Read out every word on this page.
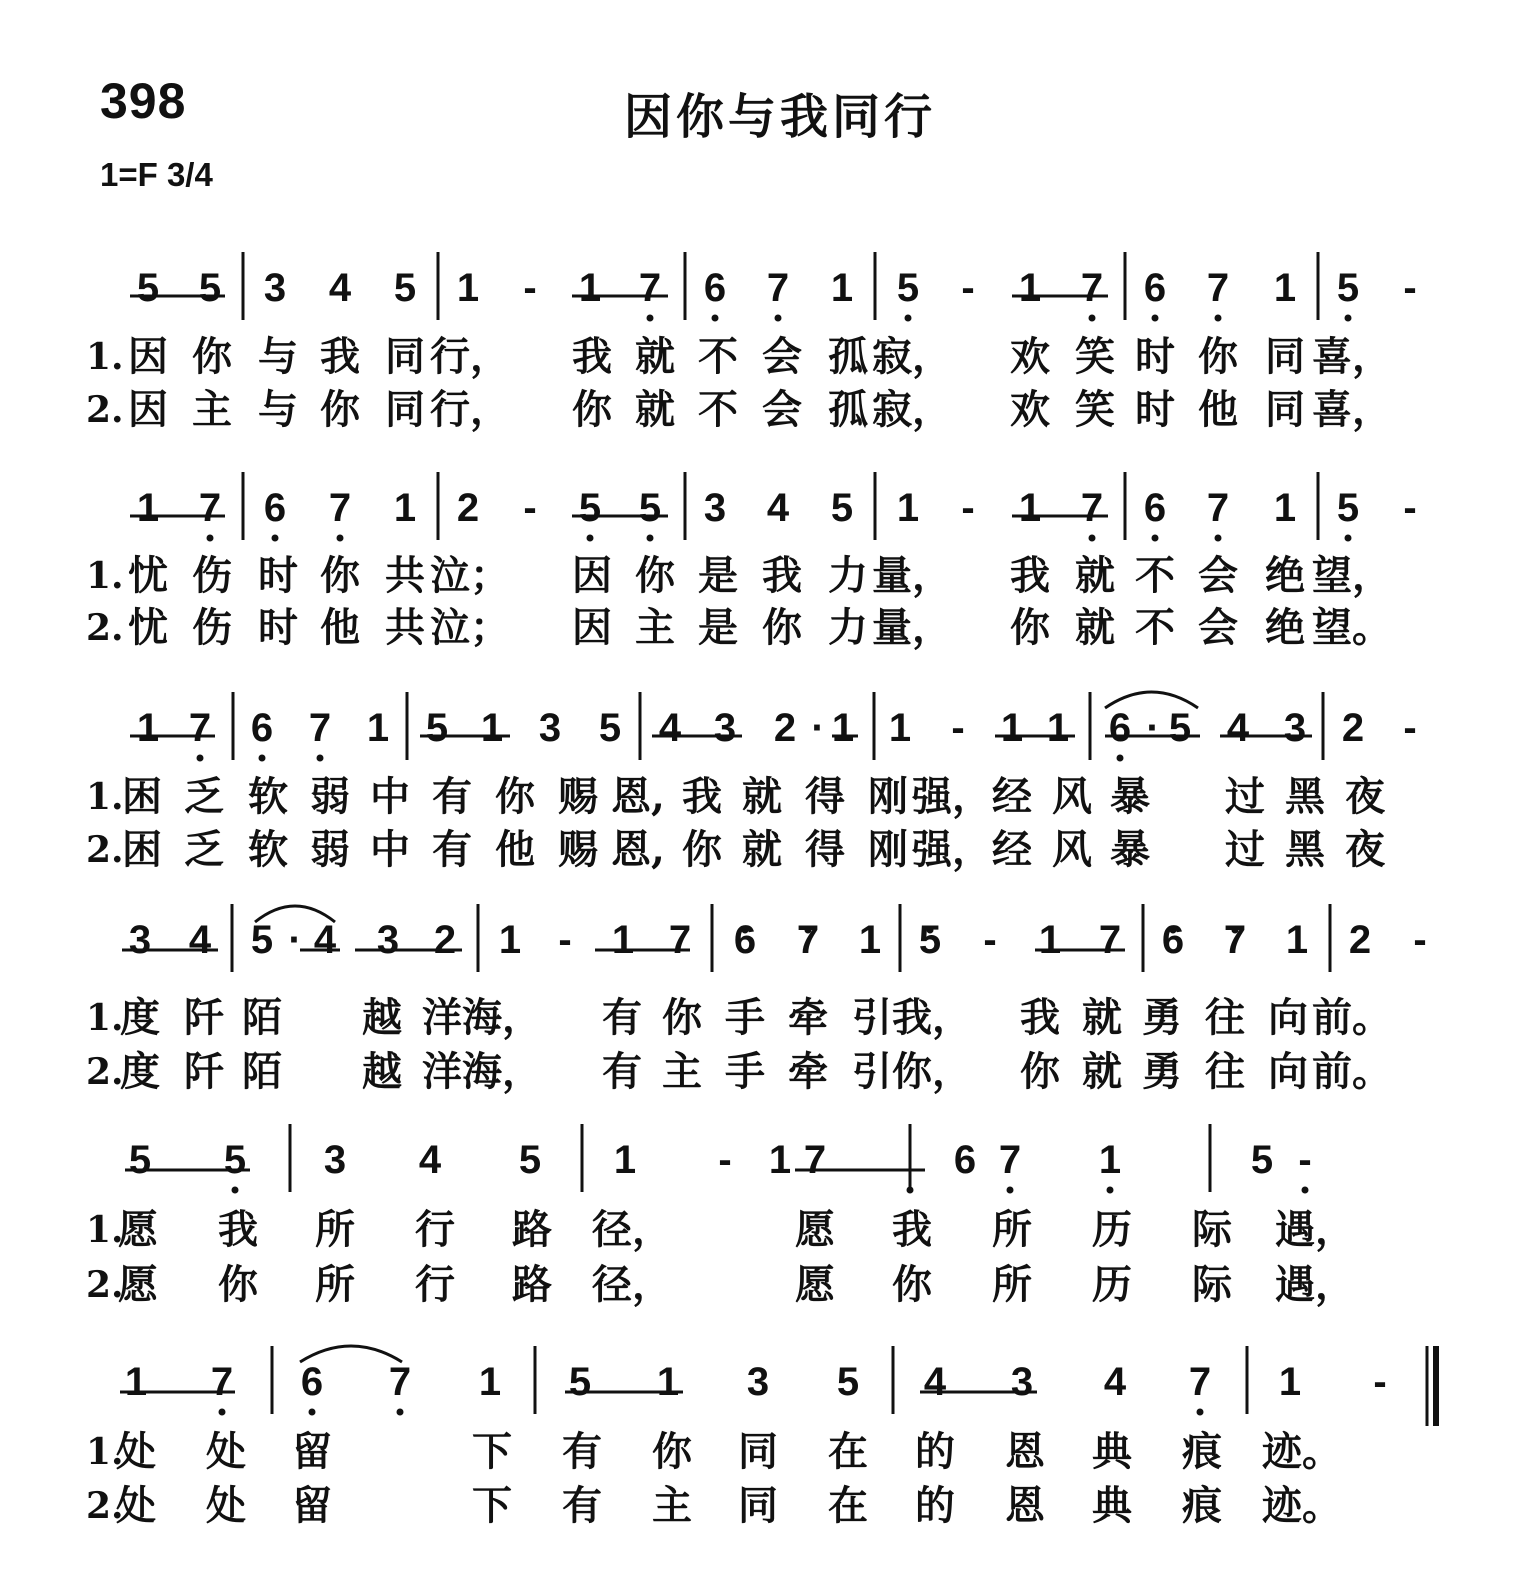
398	因你与我同行
1=F 3/4
5 5 3 4 5 1 - 1 7 6 7 1 5 - 1 7 6 7 1 5 -
1. 因 你 与 我 同 行， 我 就 不 会 孤 寂， 欢 笑 时 你 同 喜，
2. 因 主 与 你 同 行， 你 就 不 会 孤 寂， 欢 笑 时 他 同 喜，
1 7 6 7 1 2 - 5 5 3 4 5 1 - 1 7 6 7 1 5 -
1. 忧 伤 时 你 共 泣； 因 你 是 我 力 量， 我 就 不 会 绝 望，
2. 忧 伤 时 他 共 泣； 因 主 是 你 力 量， 你 就 不 会 绝 望。
1 7 6 7 1 5 1 3 5 4 3 2 · 1 1 - 1 1 6 · 5 4 3 2 -
1.
困 乏 软 弱 中 有 你 赐 恩, 我 就 得 刚 强， 经 风 暴 过 黑 夜
2.
困 乏 软 弱 中 有 他 赐 恩, 你 就 得 刚 强， 经 风 暴 过 黑 夜
3 4 5 · 4 3 2 1 - 1 7 6 7 1 5 - 1 7 6 7 1 2 -
1.
度 阡 陌 越 洋 海， 有 你 手 牵 引 我， 我 就 勇 往 向 前。
2.
度 阡 陌 越 洋 海， 有 主 手 牵 引 你， 你 就 勇 往 向 前。
5 5 3 4 5 1 - 1 7	6 7 1	5 -
1.
愿 我 所 行 路 径，	愿 我 所 历 际 遇，
2.
愿 你 所 行 路 径，	愿 你 所 历 际 遇，
1 7 6 7 1 5 1 3 5 4 3 4 7 1 -
1.
处 处 留	下 有 你 同 在 的 恩 典 痕 迹。
2.
处 处 留	下 有 主 同 在 的 恩 典 痕 迹。
